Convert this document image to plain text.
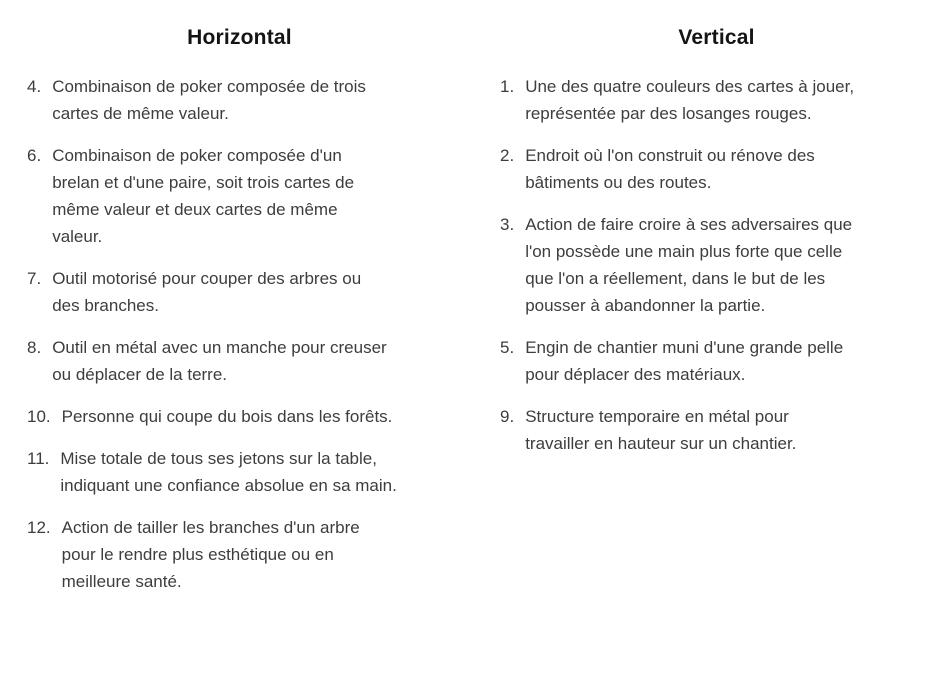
Horizontal
4. Combinaison de poker composée de trois
cartes de même valeur.
6. Combinaison de poker composée d'un
brelan et d'une paire, soit trois cartes de
même valeur et deux cartes de même
valeur.
7. Outil motorisé pour couper des arbres ou
des branches.
8. Outil en métal avec un manche pour creuser
ou déplacer de la terre.
10. Personne qui coupe du bois dans les forêts.
11. Mise totale de tous ses jetons sur la table,
indiquant une confiance absolue en sa main.
12. Action de tailler les branches d'un arbre
pour le rendre plus esthétique ou en
meilleure santé.
Vertical
1. Une des quatre couleurs des cartes à jouer,
représentée par des losanges rouges.
2. Endroit où l'on construit ou rénove des
bâtiments ou des routes.
3. Action de faire croire à ses adversaires que
l'on possède une main plus forte que celle
que l'on a réellement, dans le but de les
pousser à abandonner la partie.
5. Engin de chantier muni d'une grande pelle
pour déplacer des matériaux.
9. Structure temporaire en métal pour
travailler en hauteur sur un chantier.
